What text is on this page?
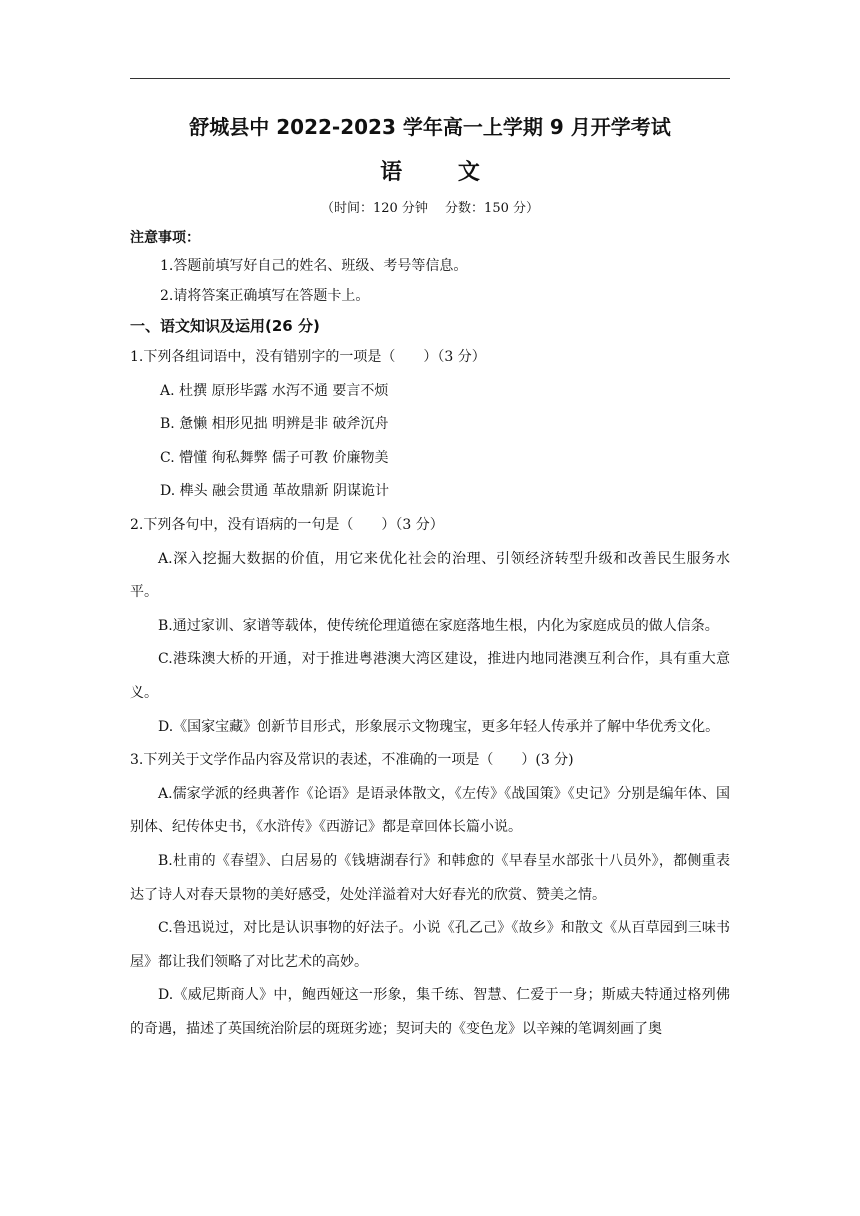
舒城县中 2022-2023 学年高一上学期 9 月开学考试
语 文
（时间：120 分钟　 分数：150 分）
注意事项：
1.答题前填写好自己的姓名、班级、考号等信息。
2.请将答案正确填写在答题卡上。
一、语文知识及运用(26 分)
1.下列各组词语中，没有错别字的一项是（　　）（3 分）
A. 杜撰 原形毕露 水泻不通 要言不烦
B. 惫懒 相形见拙 明辨是非 破斧沉舟
C. 懵懂 徇私舞弊 儒子可教 价廉物美
D. 榫头 融会贯通 革故鼎新 阴谋诡计
2.下列各句中，没有语病的一句是（　　）（3 分）

A.深入挖掘大数据的价值，用它来优化社会的治理、引领经济转型升级和改善民生服务水平。

B.通过家训、家谱等载体，使传统伦理道德在家庭落地生根，内化为家庭成员的做人信条。

C.港珠澳大桥的开通，对于推进粤港澳大湾区建设，推进内地同港澳互利合作，具有重大意义。

D.《国家宝藏》创新节目形式，形象展示文物瑰宝，更多年轻人传承并了解中华优秀文化。

3.下列关于文学作品内容及常识的表述，不准确的一项是（　　）(3 分)

A.儒家学派的经典著作《论语》是语录体散文，《左传》《战国策》《史记》分别是编年体、国别体、纪传体史书，《水浒传》《西游记》都是章回体长篇小说。

B.杜甫的《春望》、白居易的《钱塘湖春行》和韩愈的《早春呈水部张十八员外》，都侧重表达了诗人对春天景物的美好感受，处处洋溢着对大好春光的欣赏、赞美之情。

C.鲁迅说过，对比是认识事物的好法子。小说《孔乙己》《故乡》和散文《从百草园到三味书屋》都让我们领略了对比艺术的高妙。

D.《威尼斯商人》中，鲍西娅这一形象，集千练、智慧、仁爱于一身；斯威夫特通过格列佛的奇遇，描述了英国统治阶层的斑斑劣迹；契诃夫的《变色龙》以辛辣的笔调刻画了奥
